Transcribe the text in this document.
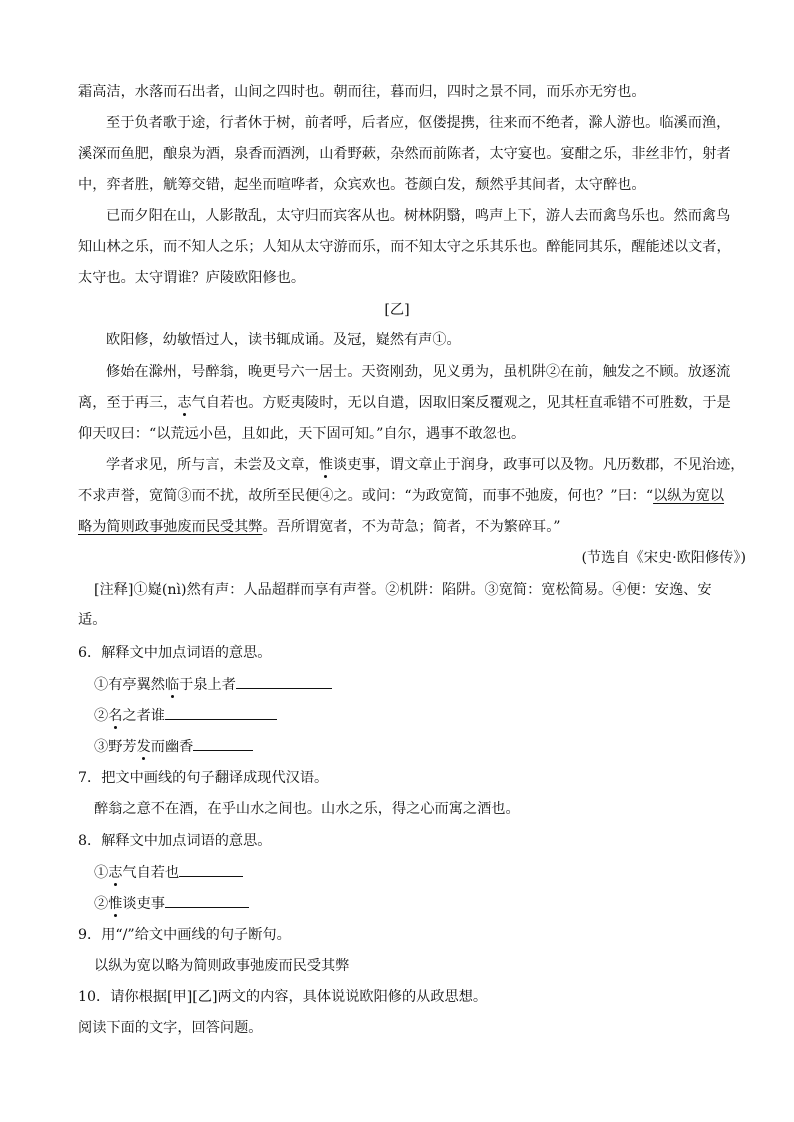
霜高洁，水落而石出者，山间之四时也。朝而往，暮而归，四时之景不同，而乐亦无穷也。
至于负者歌于途，行者休于树，前者呼，后者应，伛偻提携，往来而不绝者，滁人游也。临溪而渔，
溪深而鱼肥，酿泉为酒，泉香而酒洌，山肴野蔌，杂然而前陈者，太守宴也。宴酣之乐，非丝非竹，射者
中，弈者胜，觥筹交错，起坐而喧哗者，众宾欢也。苍颜白发，颓然乎其间者，太守醉也。
已而夕阳在山，人影散乱，太守归而宾客从也。树林阴翳，鸣声上下，游人去而禽鸟乐也。然而禽鸟
知山林之乐，而不知人之乐；人知从太守游而乐，而不知太守之乐其乐也。醉能同其乐，醒能述以文者，
太守也。太守谓谁？庐陵欧阳修也。
[乙]
欧阳修，幼敏悟过人，读书辄成诵。及冠，嶷然有声①。
修始在滁州，号醉翁，晚更号六一居士。天资刚劲，见义勇为，虽机阱②在前，触发之不顾。放逐流
离，至于再三，志气自若也。方贬夷陵时，无以自遣，因取旧案反覆观之，见其枉直乖错不可胜数，于是
仰天叹曰：“以荒远小邑，且如此，天下固可知。”自尔，遇事不敢忽也。
学者求见，所与言，未尝及文章，惟谈吏事，谓文章止于润身，政事可以及物。凡历数郡，不见治迹，
不求声誉，宽简③而不扰，故所至民便④之。或问：“为政宽简，而事不弛废，何也？”曰：“以纵为宽以
略为简则政事弛废而民受其弊。吾所谓宽者，不为苛急；简者，不为繁碎耳。”
(节选自《宋史·欧阳修传》)
[注释]①嶷(nì)然有声：人品超群而享有声誉。②机阱：陷阱。③宽简：宽松简易。④便：安逸、安
适。
6．解释文中加点词语的意思。
①有亭翼然临于泉上者
②名之者谁
③野芳发而幽香
7．把文中画线的句子翻译成现代汉语。
醉翁之意不在酒，在乎山水之间也。山水之乐，得之心而寓之酒也。
8．解释文中加点词语的意思。
①志气自若也
②惟谈吏事
9．用“/”给文中画线的句子断句。
以纵为宽以略为简则政事弛废而民受其弊
10．请你根据[甲][乙]两文的内容，具体说说欧阳修的从政思想。
阅读下面的文字，回答问题。
